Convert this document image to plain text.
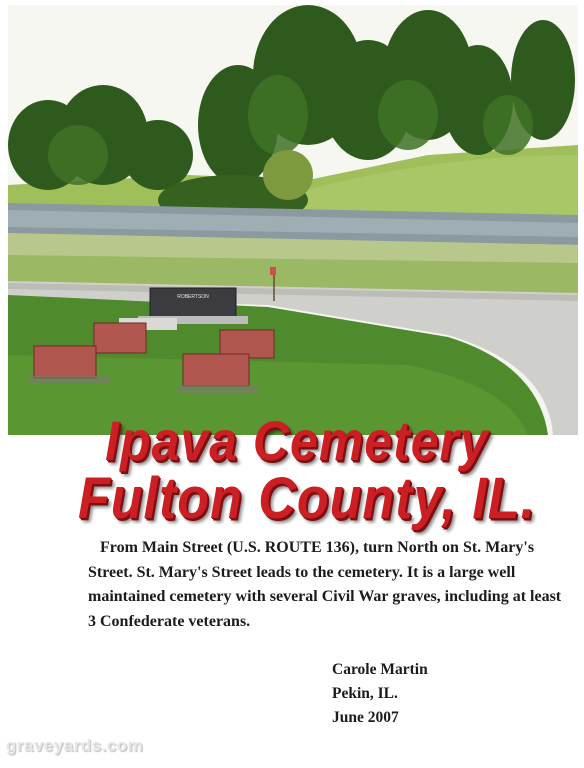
ROBERTSON
Ipava Cemetery
Fulton County, IL.

From Main Street (U.S. ROUTE 136), turn North on St. Mary's Street. St. Mary's Street leads to the cemetery. It is a large well maintained cemetery with several Civil War graves, including at least 3 Confederate veterans.

Carole Martin
Pekin, IL.
June 2007
graveyards.com
